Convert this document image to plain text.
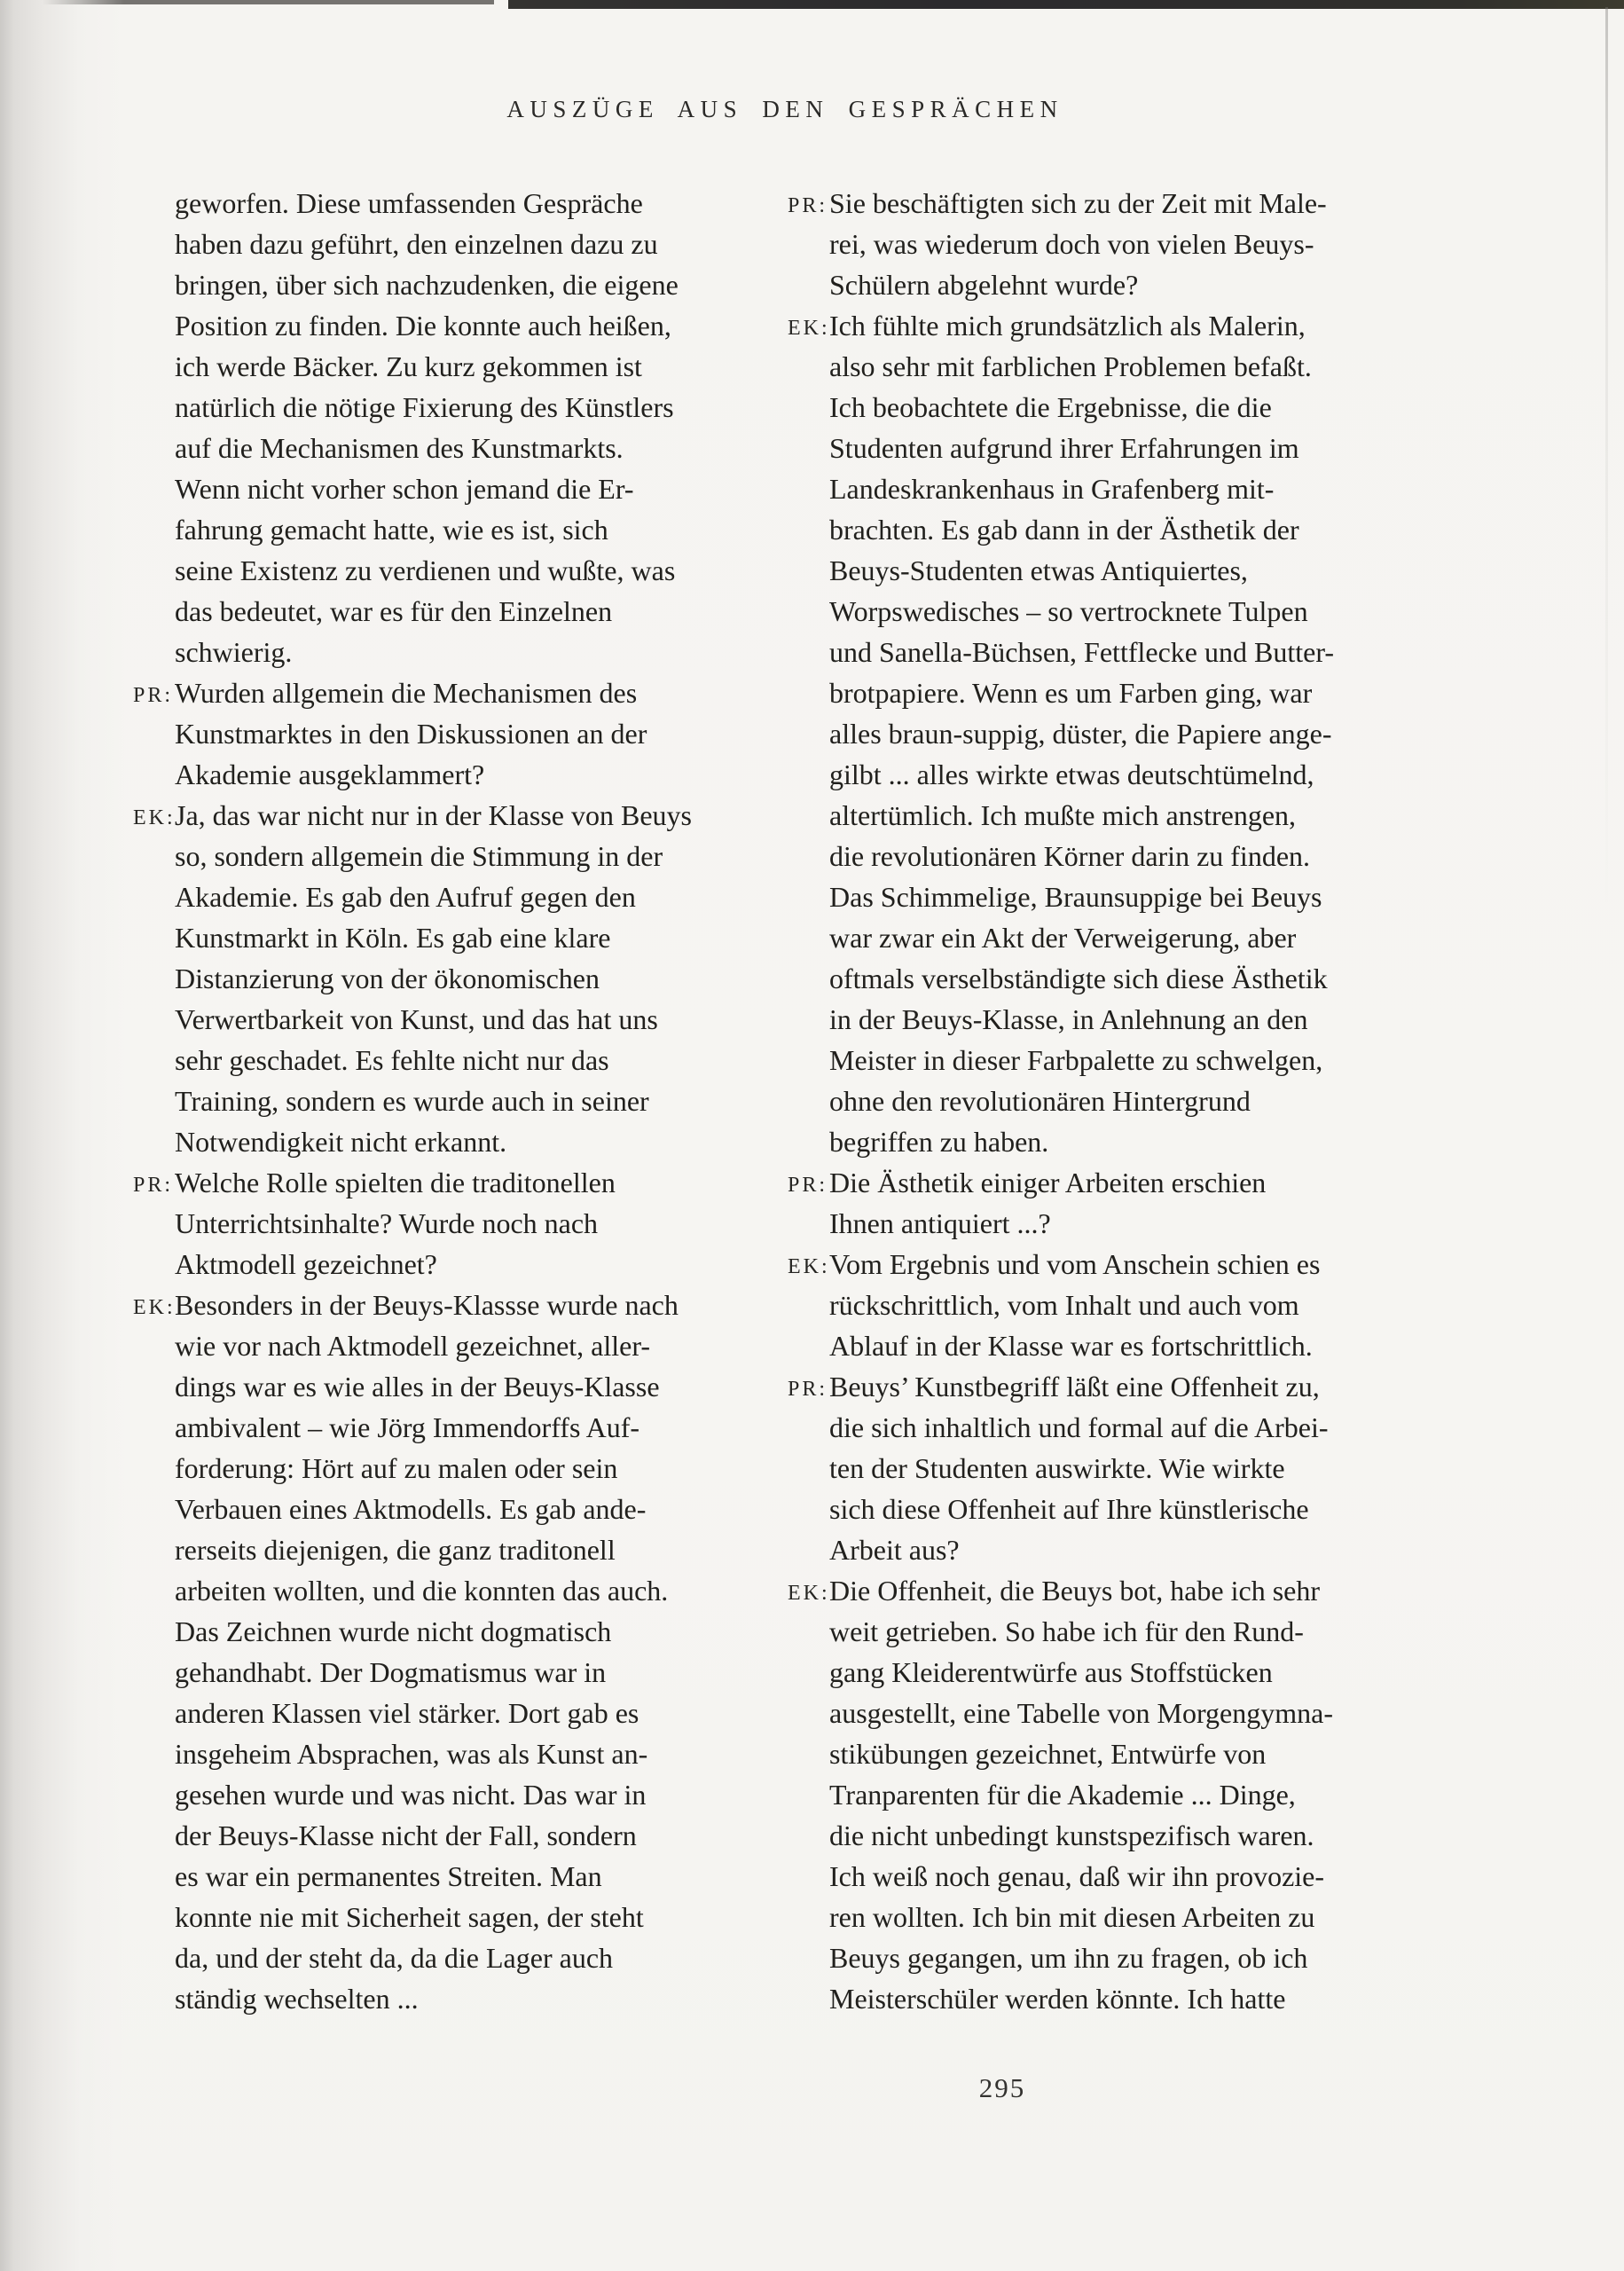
AUSZÜGE AUS DEN GESPRÄCHEN
geworfen. Diese umfassenden Gespräche
haben dazu geführt, den einzelnen dazu zu
bringen, über sich nachzudenken, die eigene
Position zu finden. Die konnte auch heißen,
ich werde Bäcker. Zu kurz gekommen ist
natürlich die nötige Fixierung des Künstlers
auf die Mechanismen des Kunstmarkts.
Wenn nicht vorher schon jemand die Er-
fahrung gemacht hatte, wie es ist, sich
seine Existenz zu verdienen und wußte, was
das bedeutet, war es für den Einzelnen
schwierig.
PR: Wurden allgemein die Mechanismen des
Kunstmarktes in den Diskussionen an der
Akademie ausgeklammert?
EK: Ja, das war nicht nur in der Klasse von Beuys
so, sondern allgemein die Stimmung in der
Akademie. Es gab den Aufruf gegen den
Kunstmarkt in Köln. Es gab eine klare
Distanzierung von der ökonomischen
Verwertbarkeit von Kunst, und das hat uns
sehr geschadet. Es fehlte nicht nur das
Training, sondern es wurde auch in seiner
Notwendigkeit nicht erkannt.
PR: Welche Rolle spielten die traditonellen
Unterrichtsinhalte? Wurde noch nach
Aktmodell gezeichnet?
EK: Besonders in der Beuys-Klassse wurde nach
wie vor nach Aktmodell gezeichnet, aller-
dings war es wie alles in der Beuys-Klasse
ambivalent – wie Jörg Immendorffs Auf-
forderung: Hört auf zu malen oder sein
Verbauen eines Aktmodells. Es gab ande-
rerseits diejenigen, die ganz traditonell
arbeiten wollten, und die konnten das auch.
Das Zeichnen wurde nicht dogmatisch
gehandhabt. Der Dogmatismus war in
anderen Klassen viel stärker. Dort gab es
insgeheim Absprachen, was als Kunst an-
gesehen wurde und was nicht. Das war in
der Beuys-Klasse nicht der Fall, sondern
es war ein permanentes Streiten. Man
konnte nie mit Sicherheit sagen, der steht
da, und der steht da, da die Lager auch
ständig wechselten ...
PR: Sie beschäftigten sich zu der Zeit mit Male-
rei, was wiederum doch von vielen Beuys-
Schülern abgelehnt wurde?
EK: Ich fühlte mich grundsätzlich als Malerin,
also sehr mit farblichen Problemen befaßt.
Ich beobachtete die Ergebnisse, die die
Studenten aufgrund ihrer Erfahrungen im
Landeskrankenhaus in Grafenberg mit-
brachten. Es gab dann in der Ästhetik der
Beuys-Studenten etwas Antiquiertes,
Worpswedisches – so vertrocknete Tulpen
und Sanella-Büchsen, Fettflecke und Butter-
brotpapiere. Wenn es um Farben ging, war
alles braun-suppig, düster, die Papiere ange-
gilbt ... alles wirkte etwas deutschtümelnd,
altertümlich. Ich mußte mich anstrengen,
die revolutionären Körner darin zu finden.
Das Schimmelige, Braunsuppige bei Beuys
war zwar ein Akt der Verweigerung, aber
oftmals verselbständigte sich diese Ästhetik
in der Beuys-Klasse, in Anlehnung an den
Meister in dieser Farbpalette zu schwelgen,
ohne den revolutionären Hintergrund
begriffen zu haben.
PR: Die Ästhetik einiger Arbeiten erschien
Ihnen antiquiert ...?
EK: Vom Ergebnis und vom Anschein schien es
rückschrittlich, vom Inhalt und auch vom
Ablauf in der Klasse war es fortschrittlich.
PR: Beuys’ Kunstbegriff läßt eine Offenheit zu,
die sich inhaltlich und formal auf die Arbei-
ten der Studenten auswirkte. Wie wirkte
sich diese Offenheit auf Ihre künstlerische
Arbeit aus?
EK: Die Offenheit, die Beuys bot, habe ich sehr
weit getrieben. So habe ich für den Rund-
gang Kleiderentwürfe aus Stoffstücken
ausgestellt, eine Tabelle von Morgengymna-
stikübungen gezeichnet, Entwürfe von
Tranparenten für die Akademie ... Dinge,
die nicht unbedingt kunstspezifisch waren.
Ich weiß noch genau, daß wir ihn provozie-
ren wollten. Ich bin mit diesen Arbeiten zu
Beuys gegangen, um ihn zu fragen, ob ich
Meisterschüler werden könnte. Ich hatte
295
